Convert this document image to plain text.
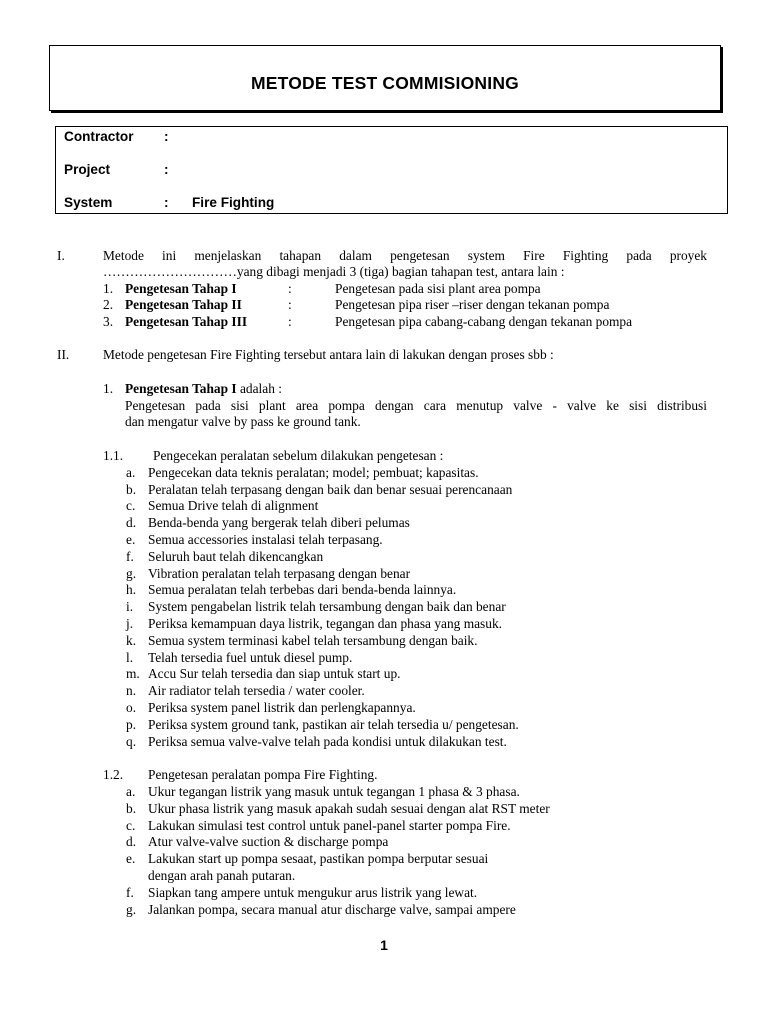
METODE TEST COMMISIONING
Contractor	:
Project	:
System	: Fire Fighting
I.	Metode ini menjelaskan tahapan dalam pengetesan system Fire Fighting pada proyek
…………………………yang dibagi menjadi 3 (tiga) bagian tahapan test, antara lain :
1. Pengetesan Tahap I	:	Pengetesan pada sisi plant area pompa
2. Pengetesan Tahap II	:	Pengetesan pipa riser –riser dengan tekanan pompa
3. Pengetesan Tahap III	:	Pengetesan pipa cabang-cabang dengan tekanan pompa
II.	Metode pengetesan Fire Fighting tersebut antara lain di lakukan dengan proses sbb :
1. Pengetesan Tahap I adalah :
Pengetesan pada sisi plant area pompa dengan cara menutup valve - valve ke sisi distribusi
dan mengatur valve by pass ke ground tank.
1.1. Pengecekan peralatan sebelum dilakukan pengetesan :
a. Pengecekan data teknis peralatan; model; pembuat; kapasitas.
b. Peralatan telah terpasang dengan baik dan benar sesuai perencanaan
c. Semua Drive telah di alignment
d. Benda-benda yang bergerak telah diberi pelumas
e. Semua accessories instalasi telah terpasang.
f. Seluruh baut telah dikencangkan
g. Vibration peralatan telah terpasang dengan benar
h. Semua peralatan telah terbebas dari benda-benda lainnya.
i. System pengabelan listrik telah tersambung dengan baik dan benar
j. Periksa kemampuan daya listrik, tegangan dan phasa yang masuk.
k. Semua system terminasi kabel telah tersambung dengan baik.
l. Telah tersedia fuel untuk diesel pump.
m. Accu Sur telah tersedia dan siap untuk start up.
n. Air radiator telah tersedia / water cooler.
o. Periksa system panel listrik dan perlengkapannya.
p. Periksa system ground tank, pastikan air telah tersedia u/ pengetesan.
q. Periksa semua valve-valve telah pada kondisi untuk dilakukan test.
1.2. Pengetesan peralatan pompa Fire Fighting.
a. Ukur tegangan listrik yang masuk untuk tegangan 1 phasa & 3 phasa.
b. Ukur phasa listrik yang masuk apakah sudah sesuai dengan alat RST meter
c. Lakukan simulasi test control untuk panel-panel starter pompa Fire.
d. Atur valve-valve suction & discharge pompa
e. Lakukan start up pompa sesaat, pastikan pompa berputar sesuai
dengan arah panah putaran.
f. Siapkan tang ampere untuk mengukur arus listrik yang lewat.
g. Jalankan pompa, secara manual atur discharge valve, sampai ampere
1
